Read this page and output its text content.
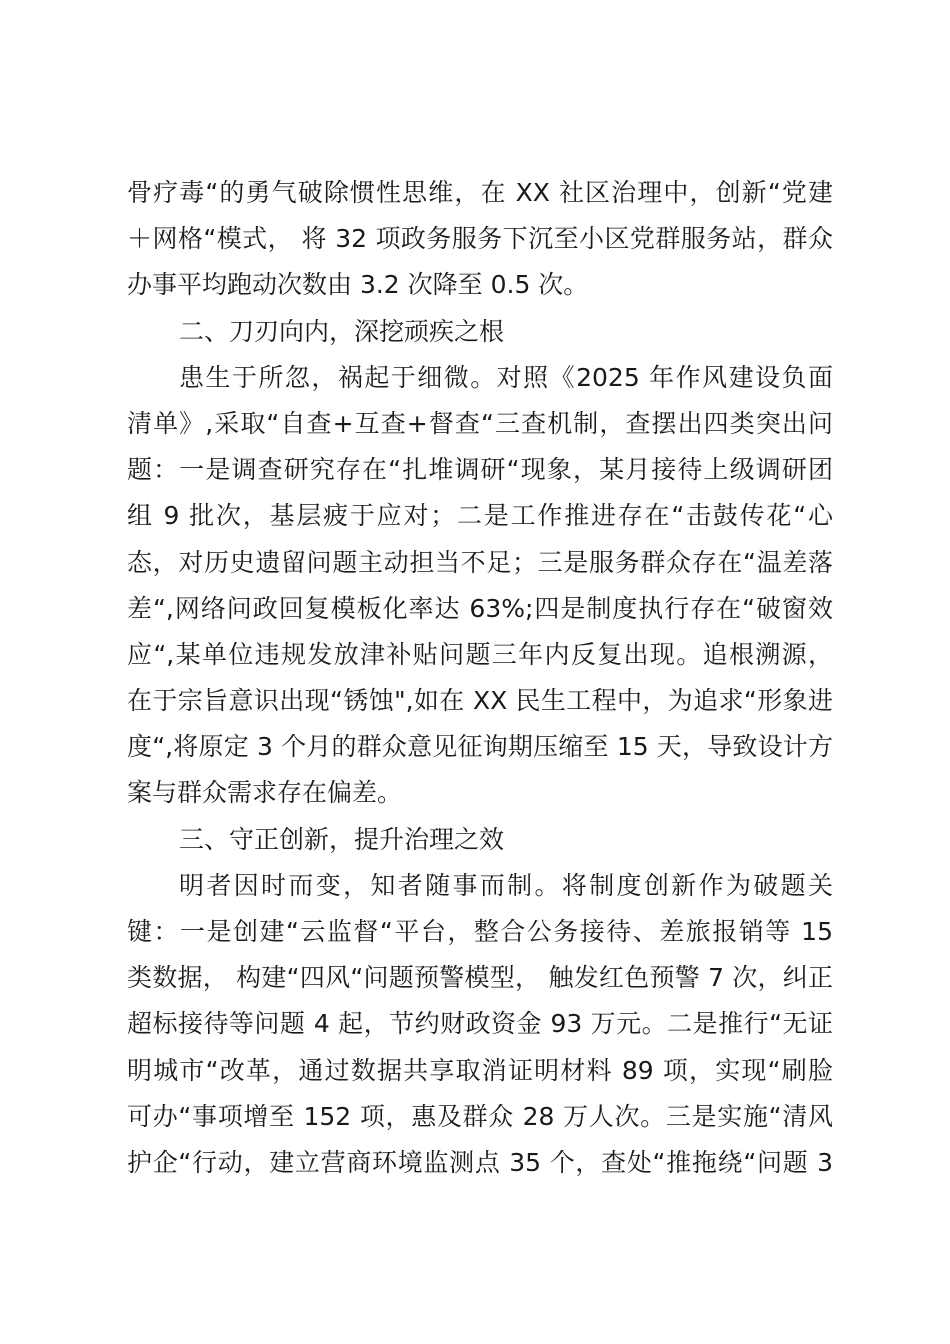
骨疗毒“的勇气破除惯性思维，在 XX 社区治理中，创新“党建
＋网格“模式， 将 32 项政务服务下沉至小区党群服务站，群众
办事平均跑动次数由 3.2 次降至 0.5 次。
二、刀刃向内，深挖顽疾之根
患生于所忽，祸起于细微。对照《2025 年作风建设负面
清单》,采取“自查+互查+督查“三查机制，查摆出四类突出问
题：一是调查研究存在“扎堆调研“现象，某月接待上级调研团
组 9 批次，基层疲于应对；二是工作推进存在“击鼓传花“心
态，对历史遗留问题主动担当不足；三是服务群众存在“温差落
差“,网络问政回复模板化率达 63%;四是制度执行存在“破窗效
应“,某单位违规发放津补贴问题三年内反复出现。追根溯源，
在于宗旨意识出现“锈蚀",如在 XX 民生工程中，为追求“形象进
度“,将原定 3 个月的群众意见征询期压缩至 15 天，导致设计方
案与群众需求存在偏差。
三、守正创新，提升治理之效
明者因时而变，知者随事而制。将制度创新作为破题关
键：一是创建“云监督“平台，整合公务接待、差旅报销等 15
类数据， 构建“四风“问题预警模型， 触发红色预警 7 次，纠正
超标接待等问题 4 起，节约财政资金 93 万元。二是推行“无证
明城市“改革，通过数据共享取消证明材料 89 项，实现“刷脸
可办“事项增至 152 项，惠及群众 28 万人次。三是实施“清风
护企“行动，建立营商环境监测点 35 个，查处“推拖绕“问题 3
